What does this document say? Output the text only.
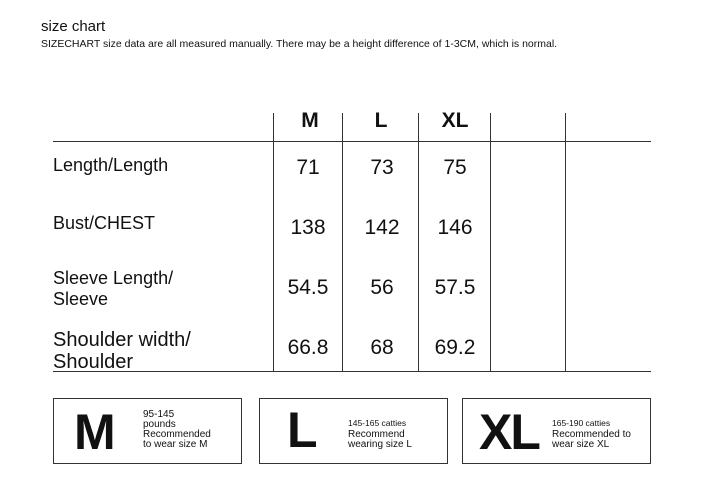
size chart
SIZECHART size data are all measured manually. There may be a height difference of 1-3CM, which is normal.
M	L	XL
Length/Length	71	73	75
Bust/CHEST	138	142	146
Sleeve Length/
Sleeve	54.5	56	57.5
Shoulder width/
Shoulder
66.8	68	69.2
M	95-145
pounds
Recommended
to wear size M L	145-165 catties
Recommend
wearing size L XL 165-190 catties
Recommended to
wear size XL
